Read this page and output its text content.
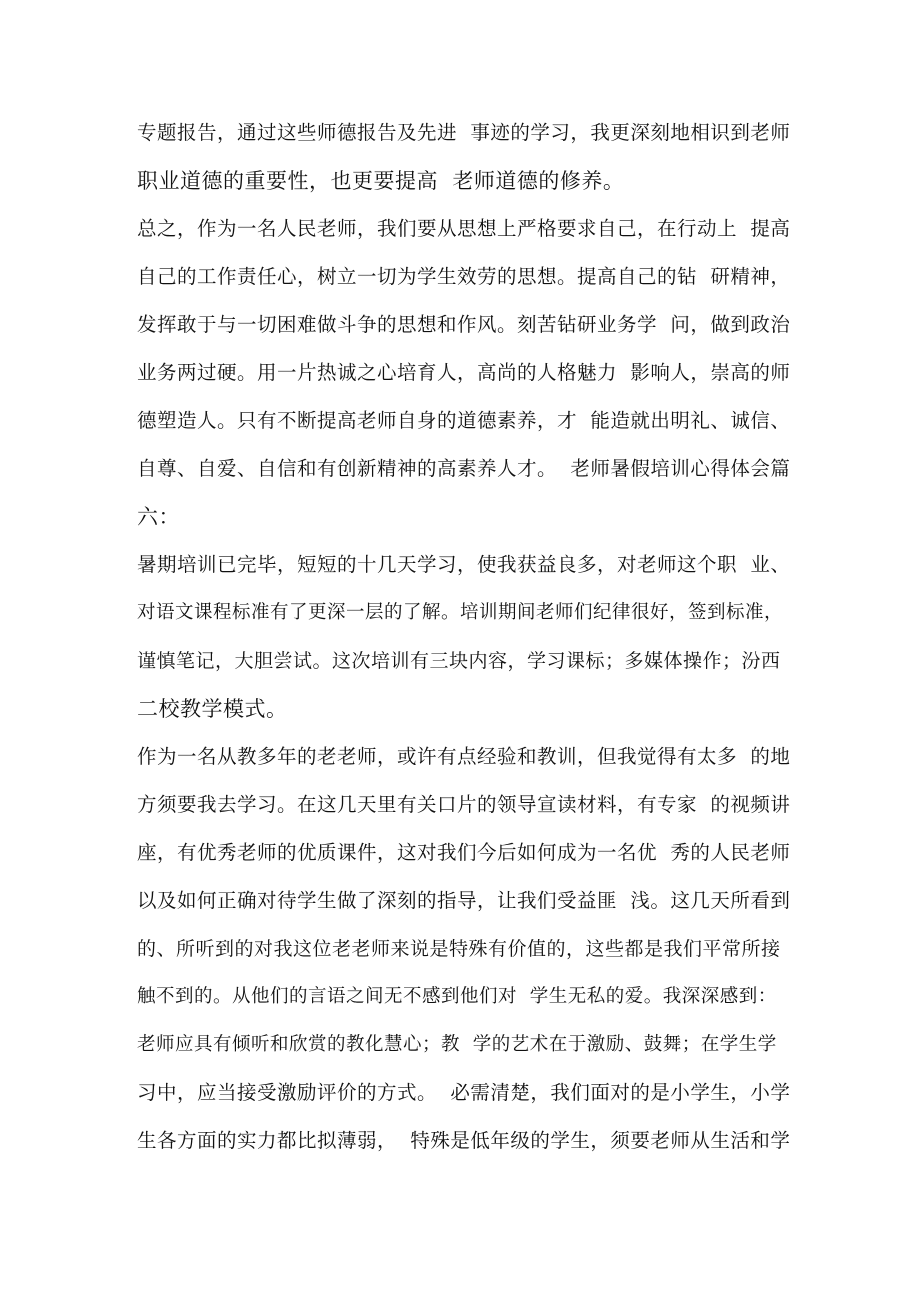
专题报告，通过这些师德报告及先进  事迹的学习，我更深刻地相识到老师
职业道德的重要性，也更要提高  老师道德的修养。
总之，作为一名人民老师，我们要从思想上严格要求自己，在行动上  提高
自己的工作责任心，树立一切为学生效劳的思想。提高自己的钻  研精神，
发挥敢于与一切困难做斗争的思想和作风。刻苦钻研业务学  问，做到政治
业务两过硬。用一片热诚之心培育人，高尚的人格魅力  影响人，崇高的师
德塑造人。只有不断提高老师自身的道德素养，才  能造就出明礼、诚信、
自尊、自爱、自信和有创新精神的高素养人才。  老师暑假培训心得体会篇
六：
暑期培训已完毕，短短的十几天学习，使我获益良多，对老师这个职  业、
对语文课程标准有了更深一层的了解。培训期间老师们纪律很好，签到标准，
谨慎笔记，大胆尝试。这次培训有三块内容，学习课标；多媒体操作；汾西
二校教学模式。
作为一名从教多年的老老师，或许有点经验和教训，但我觉得有太多  的地
方须要我去学习。在这几天里有关口片的领导宣读材料，有专家  的视频讲
座，有优秀老师的优质课件，这对我们今后如何成为一名优  秀的人民老师
以及如何正确对待学生做了深刻的指导，让我们受益匪  浅。这几天所看到
的、所听到的对我这位老老师来说是特殊有价值的，这些都是我们平常所接
触不到的。从他们的言语之间无不感到他们对  学生无私的爱。我深深感到：
老师应具有倾听和欣赏的教化慧心；教  学的艺术在于激励、鼓舞；在学生学
习中，应当接受激励评价的方式。  必需清楚，我们面对的是小学生，小学
生各方面的实力都比拟薄弱，  特殊是低年级的学生，须要老师从生活和学
